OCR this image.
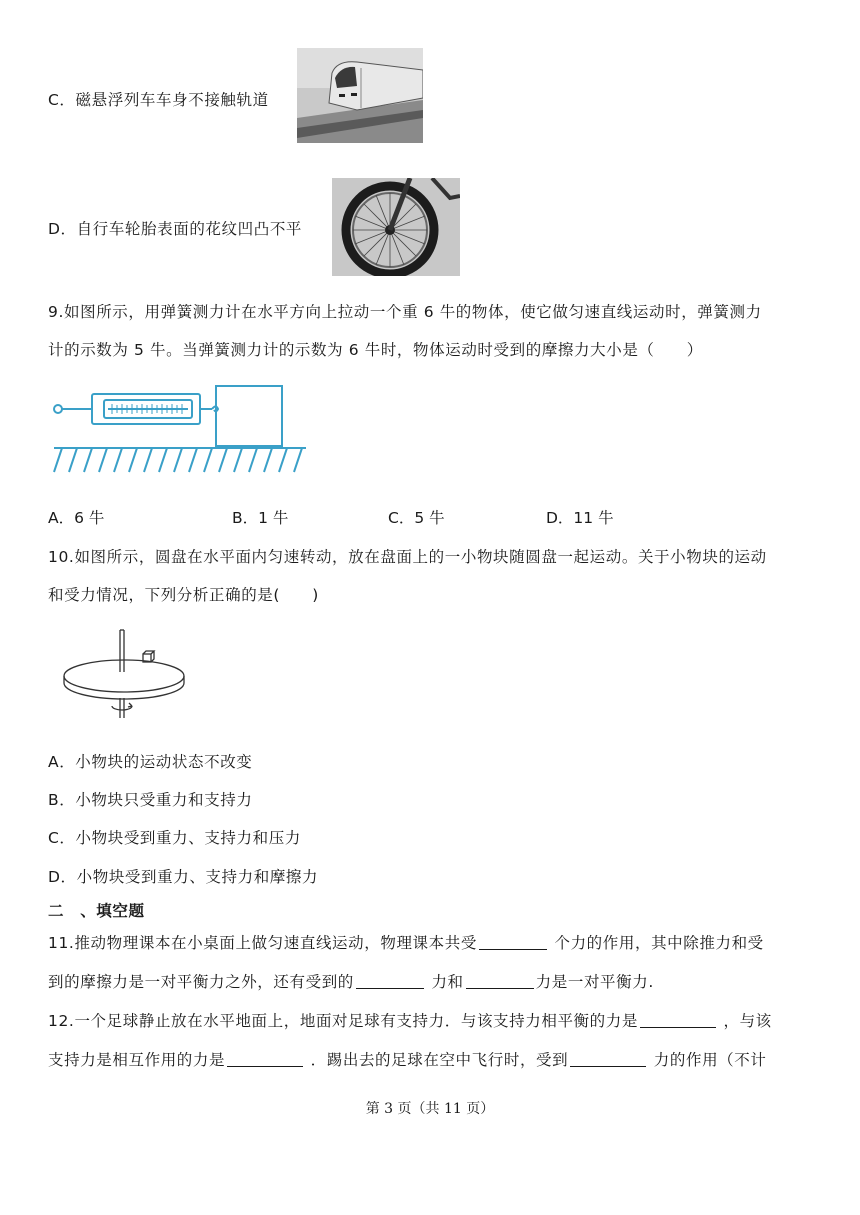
C．磁悬浮列车车身不接触轨道
D．自行车轮胎表面的花纹凹凸不平
9.如图所示，用弹簧测力计在水平方向上拉动一个重 6 牛的物体，使它做匀速直线运动时，弹簧测力
计的示数为 5 牛。当弹簧测力计的示数为 6 牛时，物体运动时受到的摩擦力大小是（　　）
A．6 牛	B．1 牛	C．5 牛	D．11 牛
10.如图所示，圆盘在水平面内匀速转动，放在盘面上的一小物块随圆盘一起运动。关于小物块的运动
和受力情况，下列分析正确的是(　　)
A．小物块的运动状态不改变
B．小物块只受重力和支持力
C．小物块受到重力、支持力和压力
D．小物块受到重力、支持力和摩擦力
二　、填空题
11.推动物理课本在小桌面上做匀速直线运动，物理课本共受	个力的作用，其中除推力和受
到的摩擦力是一对平衡力之外，还有受到的	力和	力是一对平衡力.
12.一个足球静止放在水平地面上，地面对足球有支持力．与该支持力相平衡的力是	，与该
支持力是相互作用的力是	．踢出去的足球在空中飞行时，受到	力的作用（不计
第 3 页（共 11 页）
